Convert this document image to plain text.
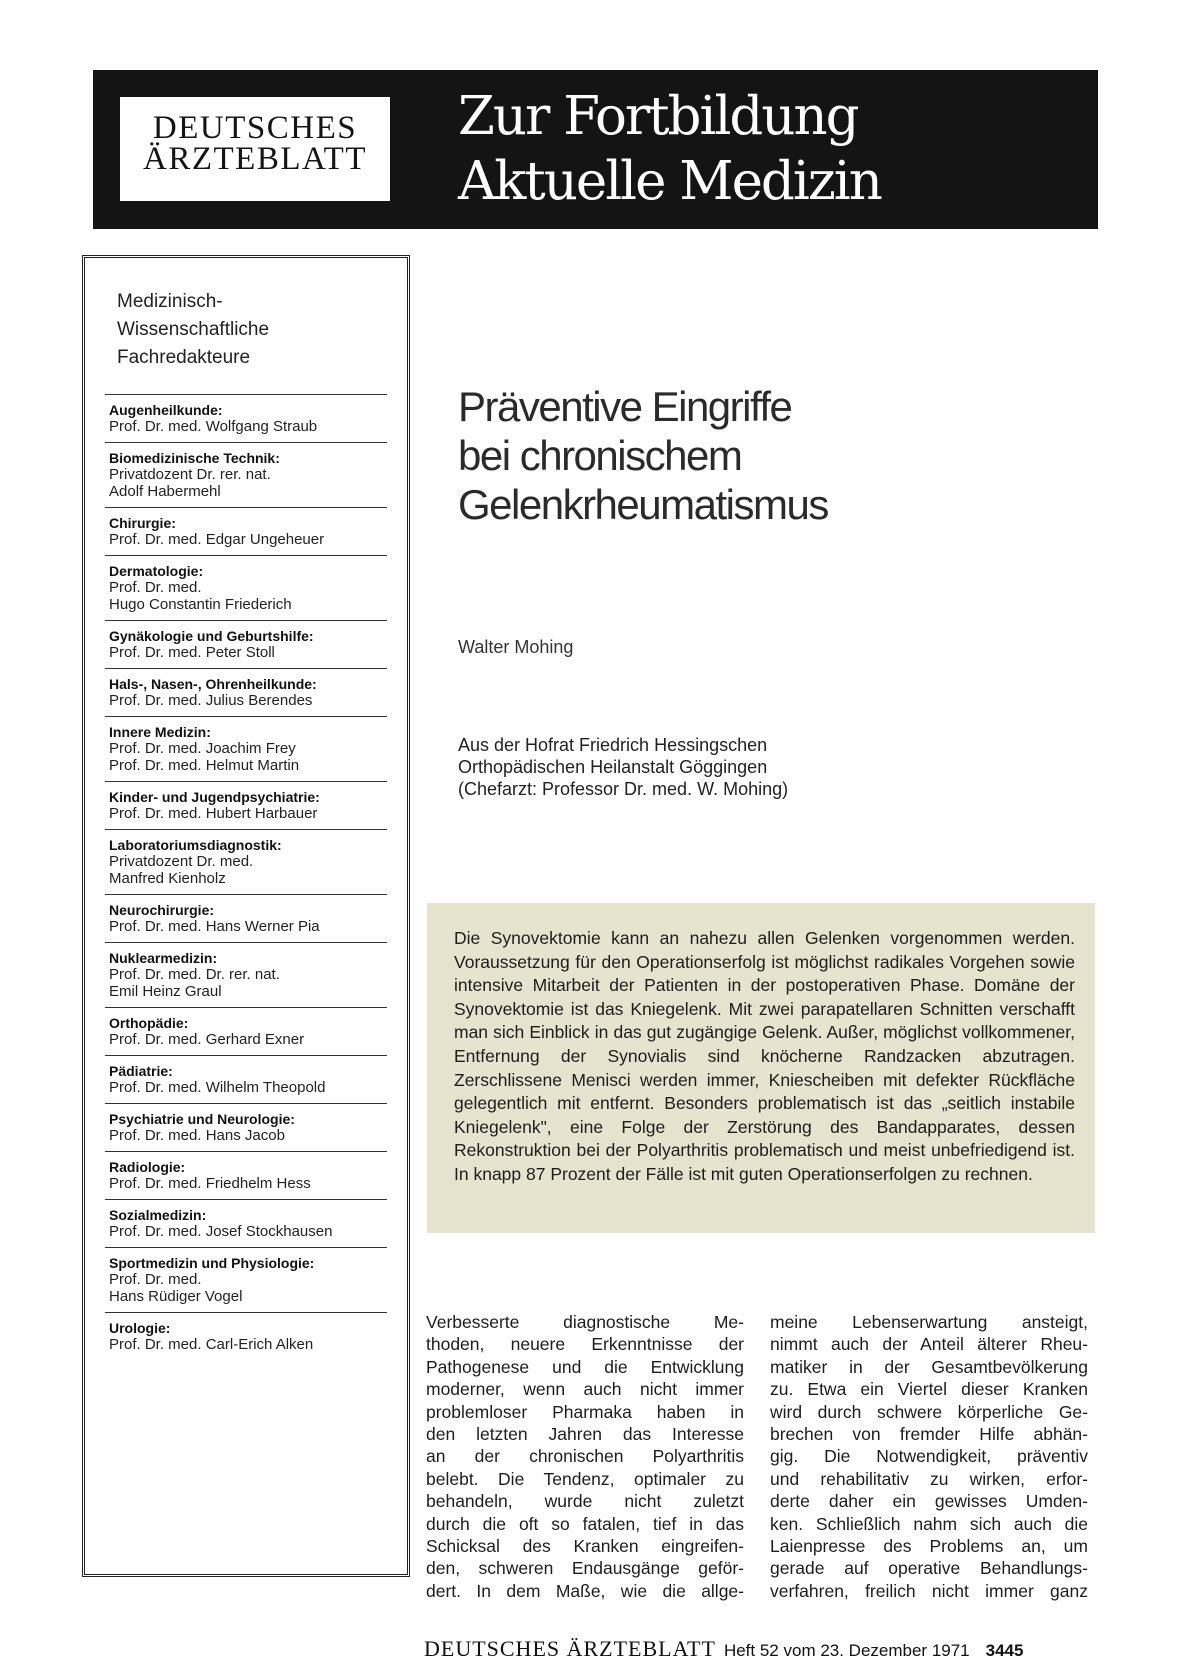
DEUTSCHES
ÄRZTEBLATT
Zur Fortbildung
Aktuelle Medizin
Medizinisch-
Wissenschaftliche
Fachredakteure
Augenheilkunde:
Prof. Dr. med. Wolfgang Straub
Biomedizinische Technik:
Privatdozent Dr. rer. nat.
Adolf Habermehl
Chirurgie:
Prof. Dr. med. Edgar Ungeheuer
Dermatologie:
Prof. Dr. med.
Hugo Constantin Friederich
Gynäkologie und Geburtshilfe:
Prof. Dr. med. Peter Stoll
Hals-, Nasen-, Ohrenheilkunde:
Prof. Dr. med. Julius Berendes
Innere Medizin:
Prof. Dr. med. Joachim Frey
Prof. Dr. med. Helmut Martin
Kinder- und Jugendpsychiatrie:
Prof. Dr. med. Hubert Harbauer
Laboratoriumsdiagnostik:
Privatdozent Dr. med.
Manfred Kienholz
Neurochirurgie:
Prof. Dr. med. Hans Werner Pia
Nuklearmedizin:
Prof. Dr. med. Dr. rer. nat.
Emil Heinz Graul
Orthopädie:
Prof. Dr. med. Gerhard Exner
Pädiatrie:
Prof. Dr. med. Wilhelm Theopold
Psychiatrie und Neurologie:
Prof. Dr. med. Hans Jacob
Radiologie:
Prof. Dr. med. Friedhelm Hess
Sozialmedizin:
Prof. Dr. med. Josef Stockhausen
Sportmedizin und Physiologie:
Prof. Dr. med.
Hans Rüdiger Vogel
Urologie:
Prof. Dr. med. Carl-Erich Alken
Präventive Eingriffe
bei chronischem
Gelenkrheumatismus
Walter Mohing
Aus der Hofrat Friedrich Hessingschen
Orthopädischen Heilanstalt Göggingen
(Chefarzt: Professor Dr. med. W. Mohing)
Die Synovektomie kann an nahezu allen Gelenken vorgenommen werden. Voraussetzung für den Operationserfolg ist möglichst radikales Vorgehen sowie intensive Mitarbeit der Patienten in der postoperativen Phase. Domäne der Synovektomie ist das Kniegelenk. Mit zwei parapatellaren Schnitten verschafft man sich Einblick in das gut zugängige Gelenk. Außer, möglichst vollkommener, Entfernung der Synovialis sind knöcherne Randzacken abzutragen. Zerschlissene Menisci werden immer, Kniescheiben mit defekter Rückfläche gelegentlich mit entfernt. Besonders problematisch ist das „seitlich instabile Kniegelenk", eine Folge der Zerstörung des Bandapparates, dessen Rekonstruktion bei der Polyarthritis problematisch und meist unbefriedigend ist. In knapp 87 Prozent der Fälle ist mit guten Operationserfolgen zu rechnen.
Verbesserte diagnostische Me-
thoden, neuere Erkenntnisse der
Pathogenese und die Entwicklung
moderner, wenn auch nicht immer
problemloser Pharmaka haben in
den letzten Jahren das Interesse
an der chronischen Polyarthritis
belebt. Die Tendenz, optimaler zu
behandeln, wurde nicht zuletzt
durch die oft so fatalen, tief in das
Schicksal des Kranken eingreifen-
den, schweren Endausgänge geför-
dert. In dem Maße, wie die allge-
meine Lebenserwartung ansteigt,
nimmt auch der Anteil älterer Rheu-
matiker in der Gesamtbevölkerung
zu. Etwa ein Viertel dieser Kranken
wird durch schwere körperliche Ge-
brechen von fremder Hilfe abhän-
gig. Die Notwendigkeit, präventiv
und rehabilitativ zu wirken, erfor-
derte daher ein gewisses Umden-
ken. Schließlich nahm sich auch die
Laienpresse des Problems an, um
gerade auf operative Behandlungs-
verfahren, freilich nicht immer ganz
DEUTSCHES ÄRZTEBLATT Heft 52 vom 23. Dezember 1971 3445
